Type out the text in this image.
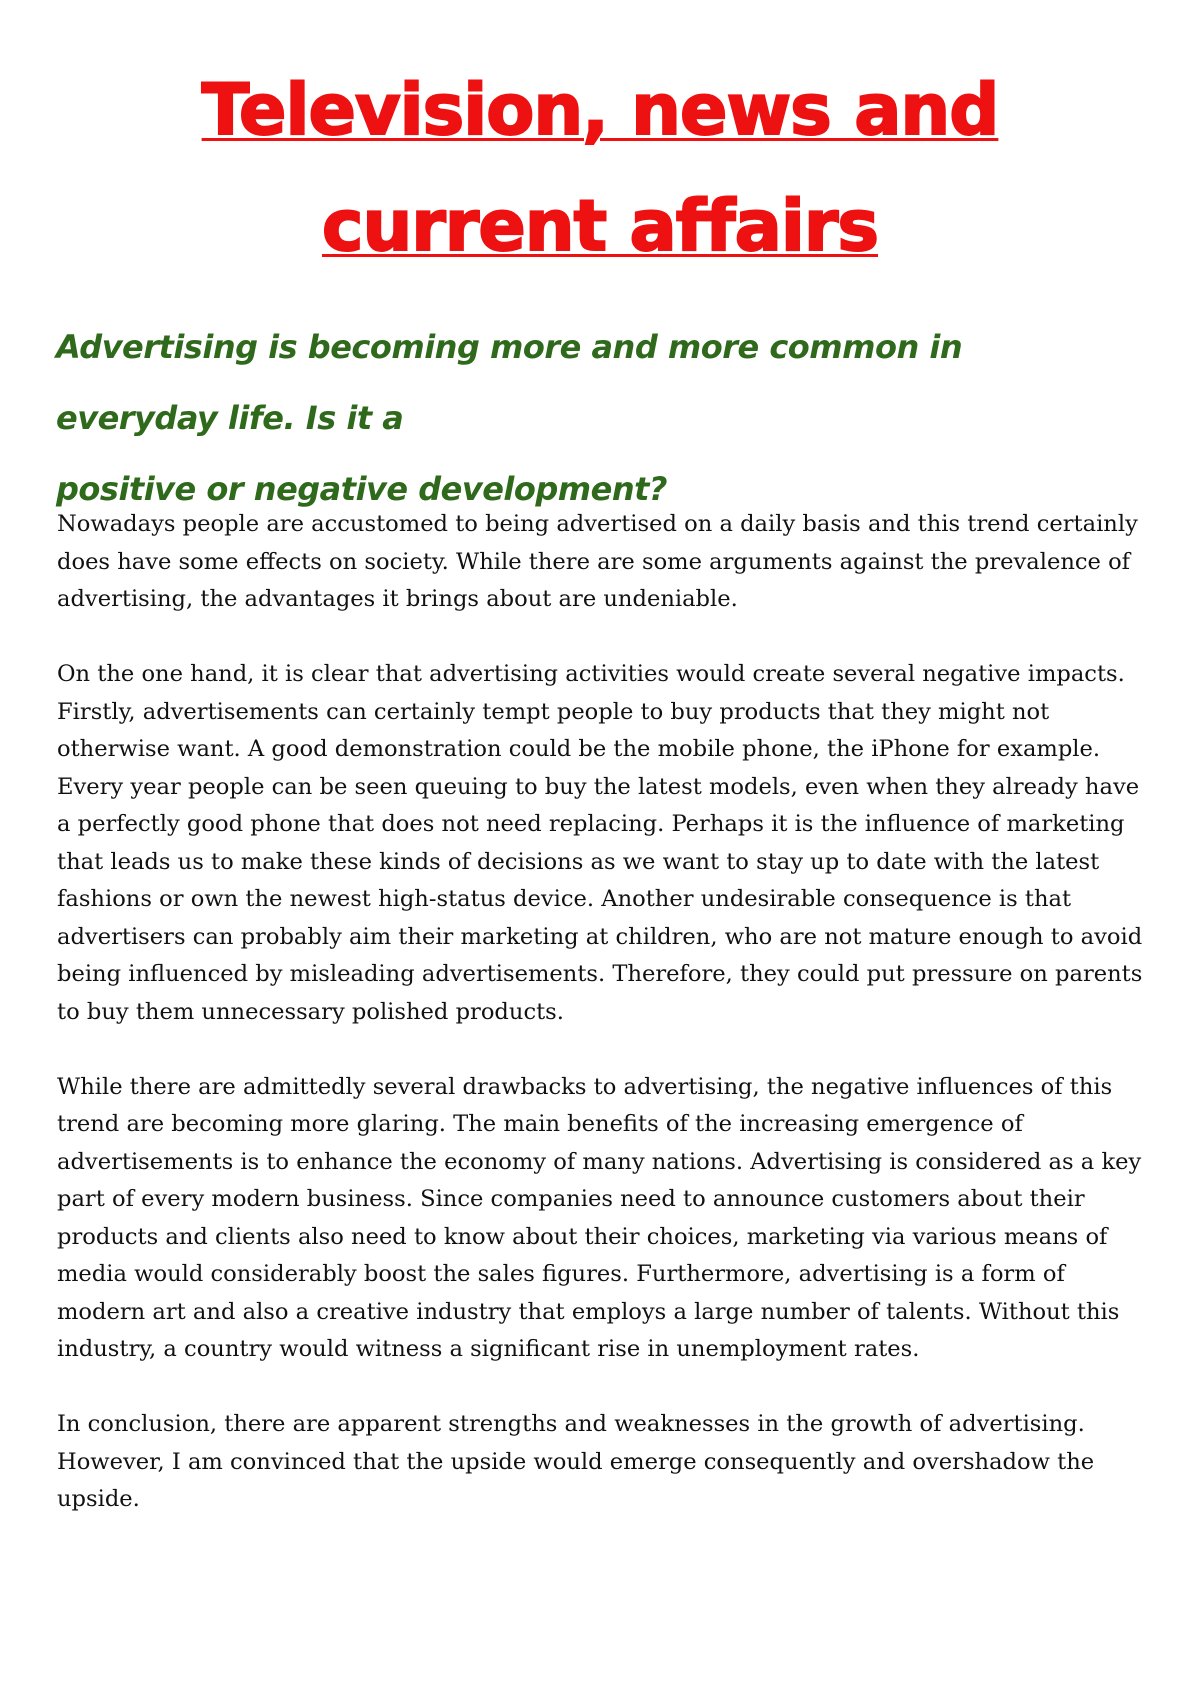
Television, news and
current affairs
Advertising is becoming more and more common in everyday life. Is it a
positive or negative development?

Nowadays people are accustomed to being advertised on a daily basis and this trend certainly does have some effects on society. While there are some arguments against the prevalence of advertising, the advantages it brings about are undeniable.

On the one hand, it is clear that advertising activities would create several negative impacts. Firstly, advertisements can certainly tempt people to buy products that they might not otherwise want. A good demonstration could be the mobile phone, the iPhone for example. Every year people can be seen queuing to buy the latest models, even when they already have a perfectly good phone that does not need replacing. Perhaps it is the influence of marketing that leads us to make these kinds of decisions as we want to stay up to date with the latest fashions or own the newest high-status device. Another undesirable consequence is that advertisers can probably aim their marketing at children, who are not mature enough to avoid being influenced by misleading advertisements. Therefore, they could put pressure on parents to buy them unnecessary polished products.

While there are admittedly several drawbacks to advertising, the negative influences of this trend are becoming more glaring. The main benefits of the increasing emergence of advertisements is to enhance the economy of many nations. Advertising is considered as a key part of every modern business. Since companies need to announce customers about their products and clients also need to know about their choices, marketing via various means of media would considerably boost the sales figures. Furthermore, advertising is a form of modern art and also a creative industry that employs a large number of talents. Without this industry, a country would witness a significant rise in unemployment rates.

In conclusion, there are apparent strengths and weaknesses in the growth of advertising. However, I am convinced that the upside would emerge consequently and overshadow the upside.
